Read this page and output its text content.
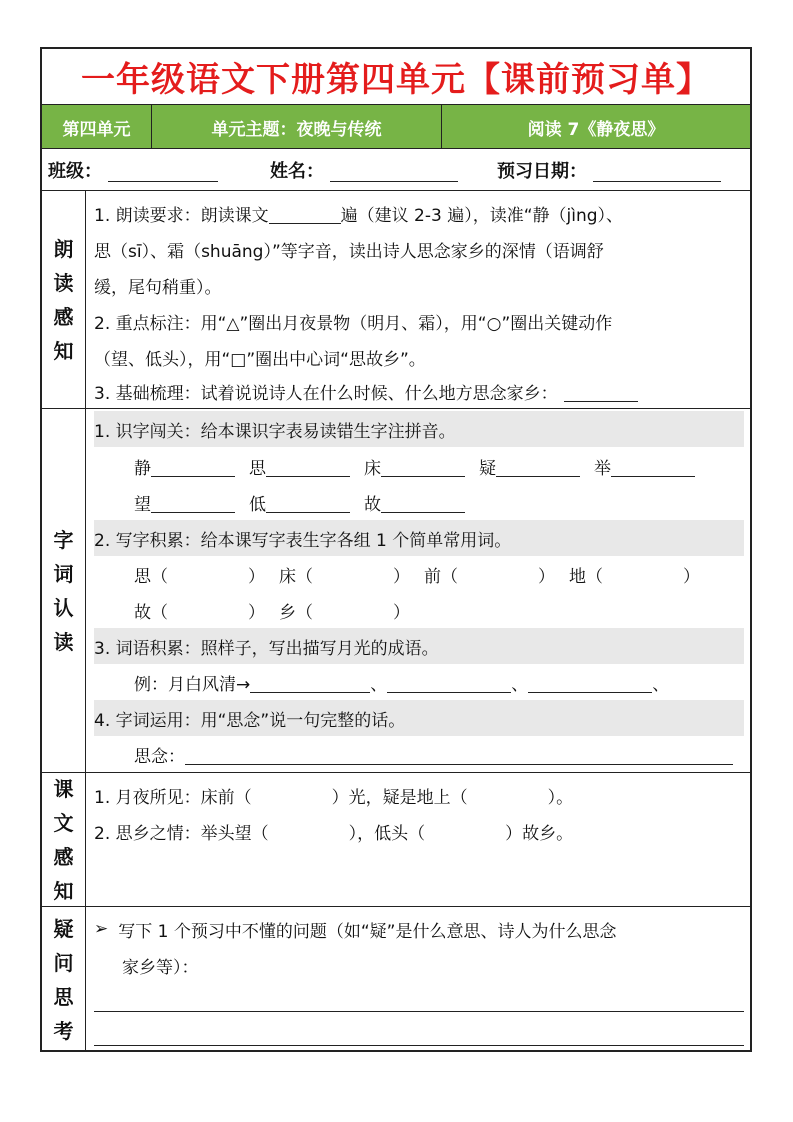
一年级语文下册第四单元【课前预习单】
第四单元	单元主题：夜晚与传统	阅读 7《静夜思》
班级：	姓名：	预习日期：
朗
读
感
知
1. 朗读要求：朗读课文	遍（建议 2-3 遍），读准“静（jìng）、
思（sī）、霜（shuāng）”等字音，读出诗人思念家乡的深情（语调舒
缓，尾句稍重）。
2. 重点标注：用“△”圈出月夜景物（明月、霜），用“○”圈出关键动作
（望、低头），用“□”圈出中心词“思故乡”。
3. 基础梳理：试着说说诗人在什么时候、什么地方思念家乡：
字
词
认
读
1. 识字闯关：给本课识字表易读错生字注拼音。
静	思	床	疑	举
望	低	故
2. 写字积累：给本课写字表生字各组 1 个简单常用词。
思（	） 床（	） 前（	） 地（	）
故（	） 乡（	）
3. 词语积累：照样子，写出描写月光的成语。
例：月白风清→	、	、	、
4. 字词运用：用“思念”说一句完整的话。
思念：
课
文
感
知
1. 月夜所见：床前（	）光，疑是地上（	）。
2. 思乡之情：举头望（	），低头（	）故乡。
疑
问
思
考
➢ 写下 1 个预习中不懂的问题（如“疑”是什么意思、诗人为什么思念
家乡等）：
